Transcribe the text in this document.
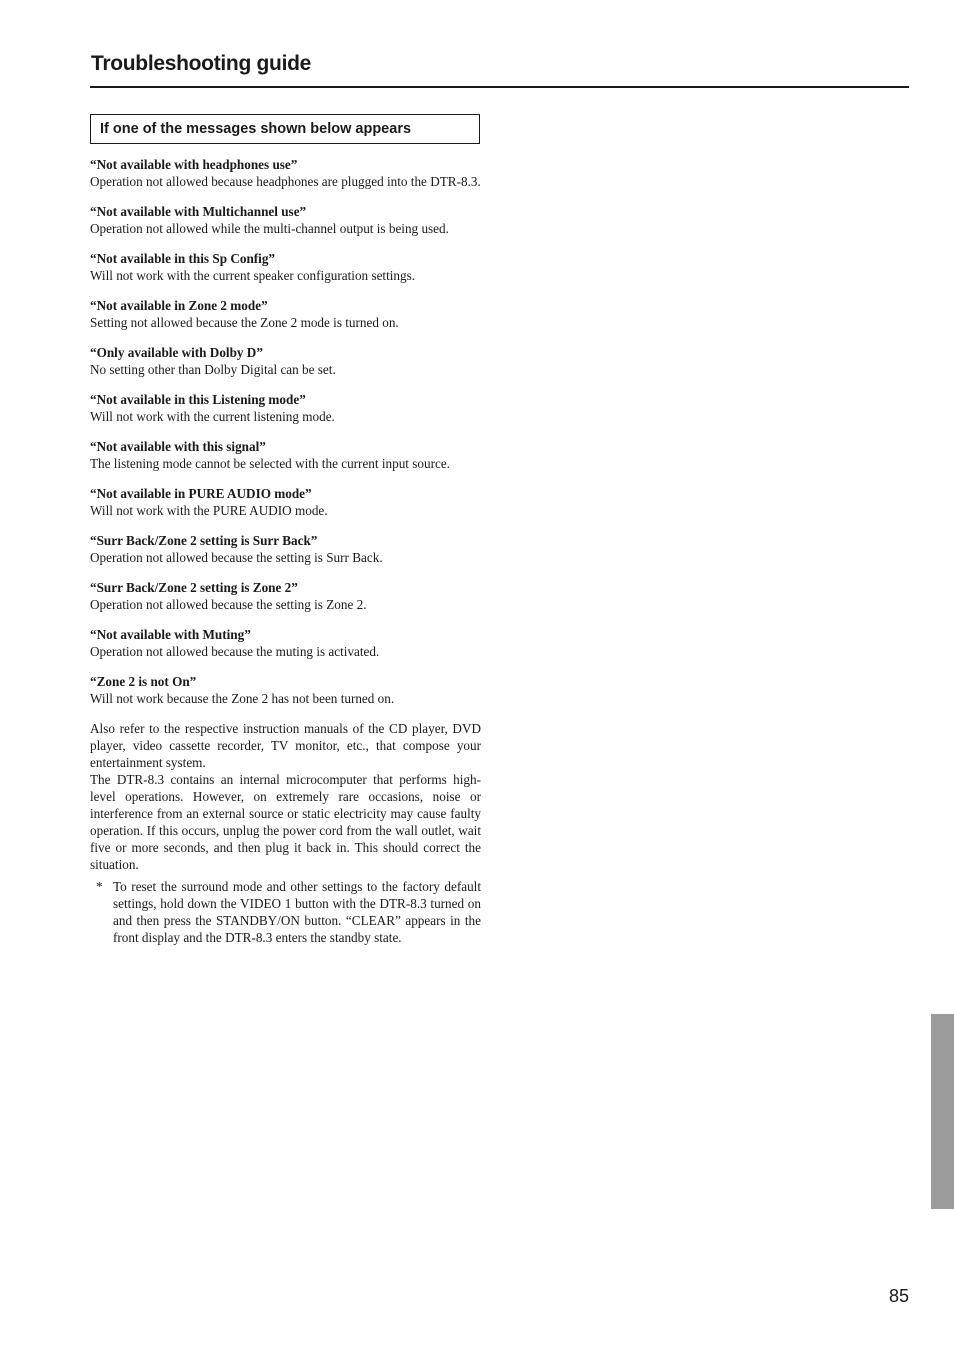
Troubleshooting guide
If one of the messages shown below appears
“Not available with headphones use”
Operation not allowed because headphones are plugged into the DTR-8.3.
“Not available with Multichannel use”
Operation not allowed while the multi-channel output is being used.
“Not available in this Sp Config”
Will not work with the current speaker configuration settings.
“Not available in Zone 2 mode”
Setting not allowed because the Zone 2 mode is turned on.
“Only available with Dolby D”
No setting other than Dolby Digital can be set.
“Not available in this Listening mode”
Will not work with the current listening mode.
“Not available with this signal”
The listening mode cannot be selected with the current input source.
“Not available in PURE AUDIO mode”
Will not work with the PURE AUDIO mode.
“Surr Back/Zone 2 setting is Surr Back”
Operation not allowed because the setting is Surr Back.
“Surr Back/Zone 2 setting is Zone 2”
Operation not allowed because the setting is Zone 2.
“Not available with Muting”
Operation not allowed because the muting is activated.
“Zone 2 is not On”
Will not work because the Zone 2 has not been turned on.

Also refer to the respective instruction manuals of the CD player, DVD player, video cassette recorder, TV monitor, etc., that compose your entertainment system.

The DTR-8.3 contains an internal microcomputer that performs high-level operations. However, on extremely rare occasions, noise or interference from an external source or static electricity may cause faulty operation. If this occurs, unplug the power cord from the wall outlet, wait five or more seconds, and then plug it back in. This should correct the situation.

* To reset the surround mode and other settings to the factory default settings, hold down the VIDEO 1 button with the DTR-8.3 turned on and then press the STANDBY/ON button. “CLEAR” appears in the front display and the DTR-8.3 enters the standby state.
85
